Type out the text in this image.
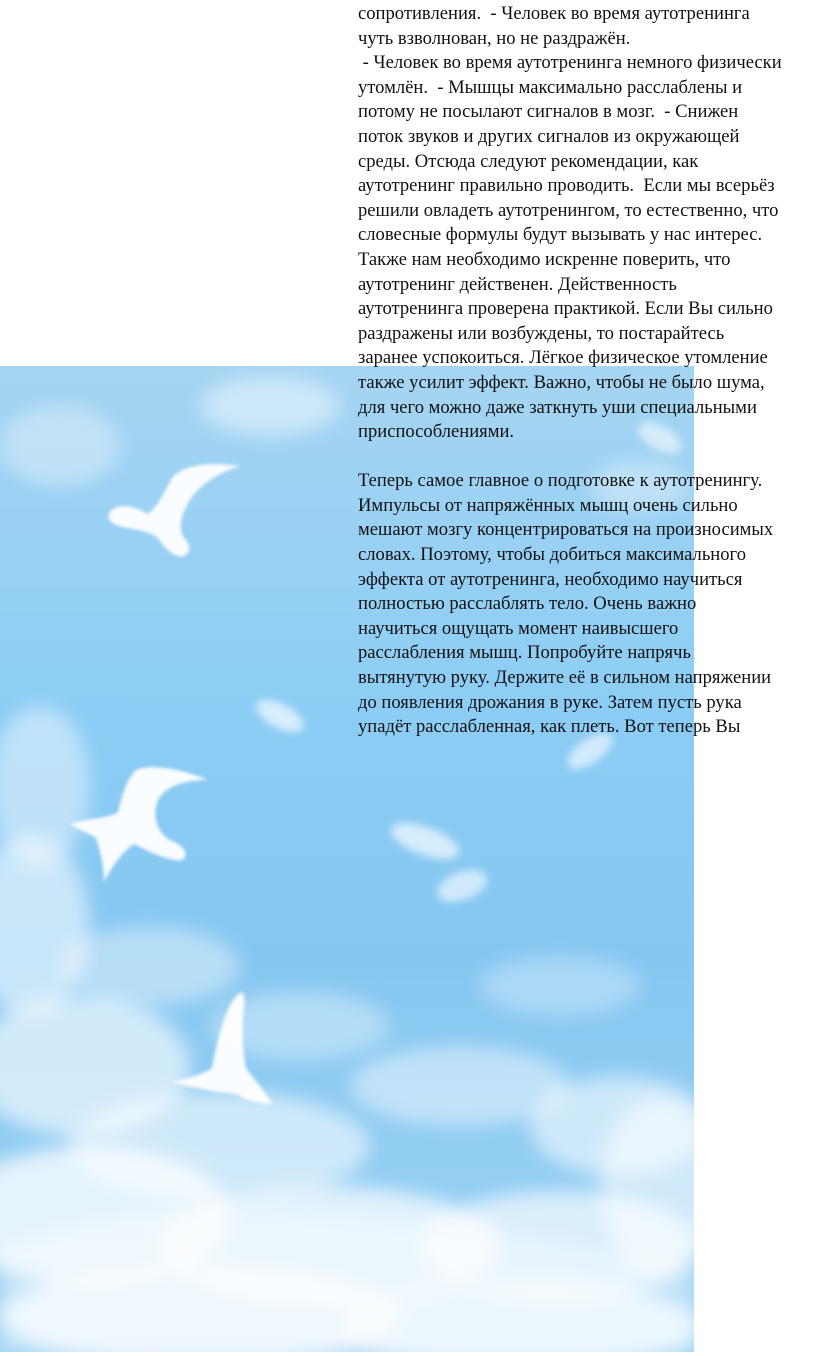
сопротивления.  - Человек во время аутотренинга
чуть взволнован, но не раздражён.
- Человек во время аутотренинга немного физически
утомлён.  - Мышцы максимально расслаблены и
потому не посылают сигналов в мозг.  - Снижен
поток звуков и других сигналов из окружающей
среды. Отсюда следуют рекомендации, как
аутотренинг правильно проводить.  Если мы всерьёз
решили овладеть аутотренингом, то естественно, что
словесные формулы будут вызывать у нас интерес.
Также нам необходимо искренне поверить, что
аутотренинг действенен. Действенность
аутотренинга проверена практикой. Если Вы сильно
раздражены или возбуждены, то постарайтесь
заранее успокоиться. Лёгкое физическое утомление
также усилит эффект. Важно, чтобы не было шума,
для чего можно даже заткнуть уши специальными
приспособлениями.
Теперь самое главное о подготовке к аутотренингу.
Импульсы от напряжённых мышц очень сильно
мешают мозгу концентрироваться на произносимых
словах. Поэтому, чтобы добиться максимального
эффекта от аутотренинга, необходимо научиться
полностью расслаблять тело. Очень важно
научиться ощущать момент наивысшего
расслабления мышц. Попробуйте напрячь
вытянутую руку. Держите её в сильном напряжении
до появления дрожания в руке. Затем пусть рука
упадёт расслабленная, как плеть. Вот теперь Вы
